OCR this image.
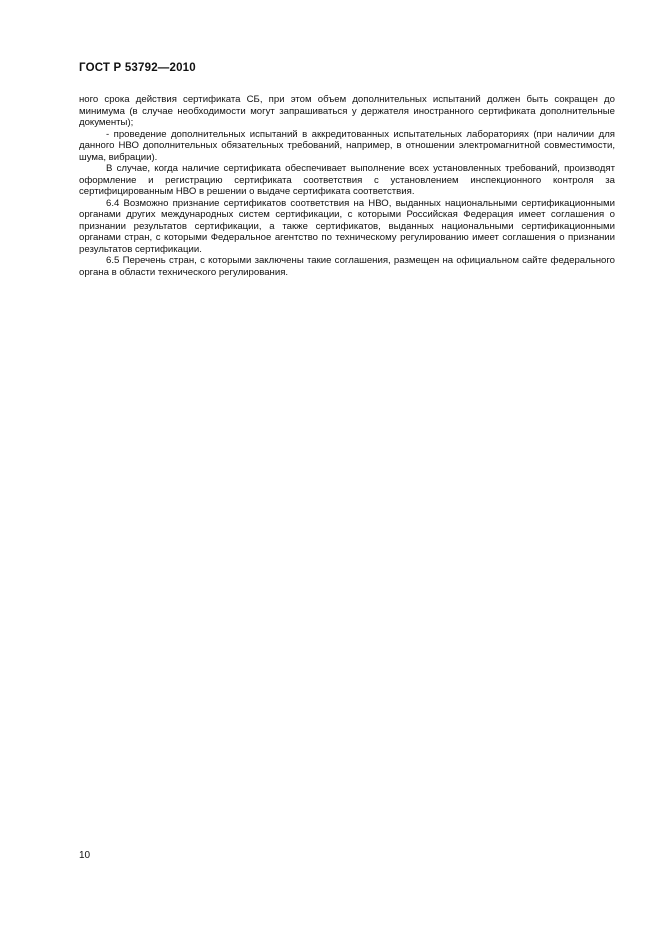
ГОСТ Р 53792—2010

ного срока действия сертификата СБ, при этом объем дополнительных испытаний должен быть сокращен до минимума (в случае необходимости могут запрашиваться у держателя иностранного сертификата дополнительные документы);

- проведение дополнительных испытаний в аккредитованных испытательных лабораториях (при наличии для данного НВО дополнительных обязательных требований, например, в отношении электромагнитной совместимости, шума, вибрации).

В случае, когда наличие сертификата обеспечивает выполнение всех установленных требований, производят оформление и регистрацию сертификата соответствия с установлением инспекционного контроля за сертифицированным НВО в решении о выдаче сертификата соответствия.

6.4 Возможно признание сертификатов соответствия на НВО, выданных национальными сертификационными органами других международных систем сертификации, с которыми Российская Федерация имеет соглашения о признании результатов сертификации, а также сертификатов, выданных национальными сертификационными органами стран, с которыми Федеральное агентство по техническому регулированию имеет соглашения о признании результатов сертификации.

6.5 Перечень стран, с которыми заключены такие соглашения, размещен на официальном сайте федерального органа в области технического регулирования.

10
